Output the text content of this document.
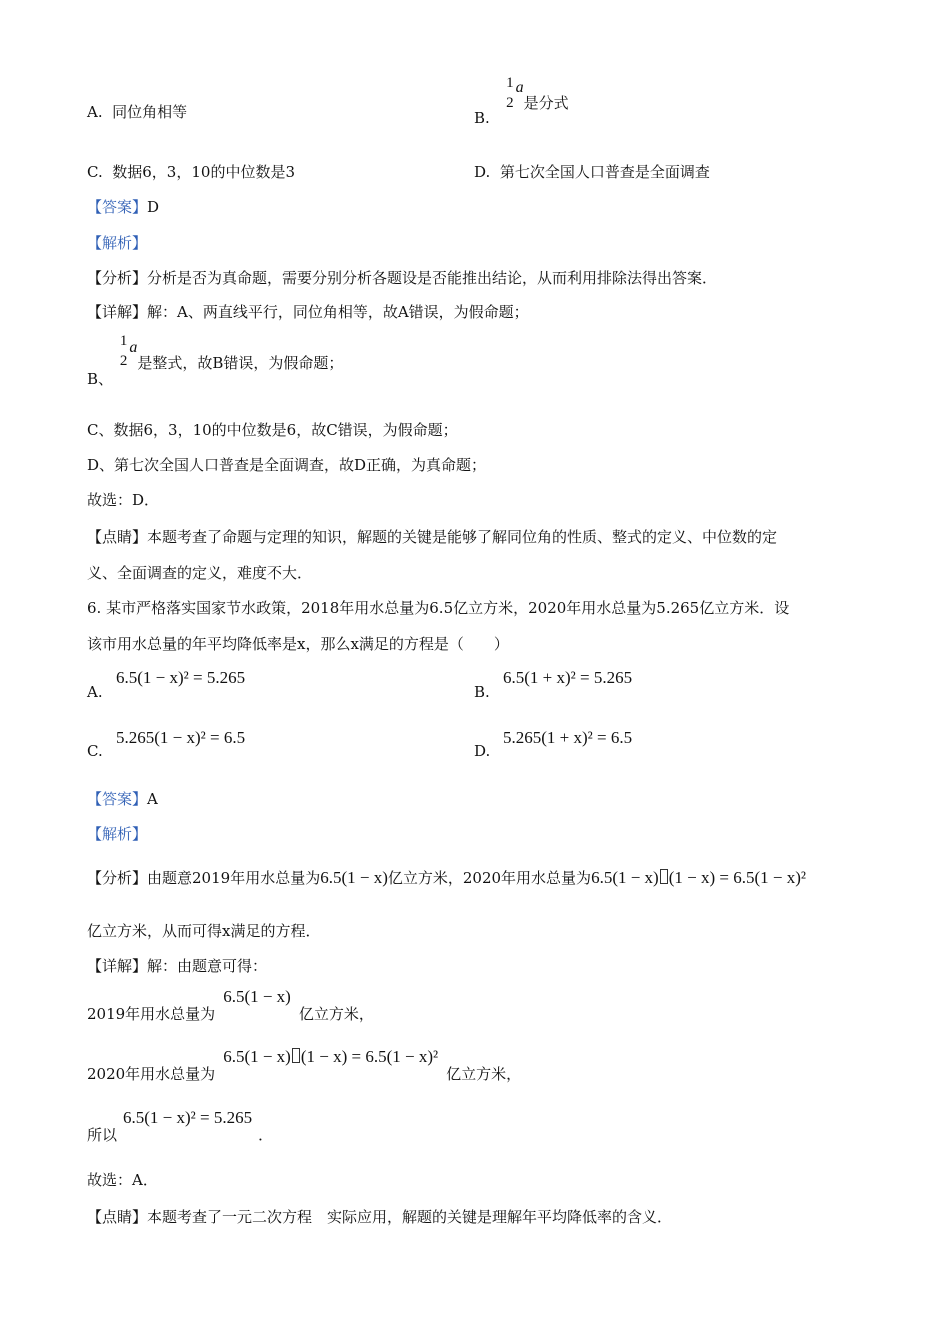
A. 同位角相等	B.
1
2
a是分式
C. 数据6，3，10的中位数是3	D. 第七次全国人口普查是全面调查
【答案】D
【解析】
【分析】分析是否为真命题，需要分别分析各题设是否能推出结论，从而利用排除法得出答案．
【详解】解：A、两直线平行，同位角相等，故A错误，为假命题；
B、
1
2
a是整式，故B错误，为假命题；
C、数据6，3，10的中位数是6，故C错误，为假命题；
D、第七次全国人口普查是全面调查，故D正确，为真命题；
故选：D．
【点睛】本题考查了命题与定理的知识，解题的关键是能够了解同位角的性质、整式的定义、中位数的定
义、全面调查的定义，难度不大．
6. 某市严格落实国家节水政策，2018年用水总量为6.5亿立方米，2020年用水总量为5.265亿立方米．设
该市用水总量的年平均降低率是x，那么x满足的方程是（　　）
A.
6.5(1 − x)² = 5.265
B.
6.5(1 + x)² = 5.265
C.
5.265(1 − x)² = 6.5
D.
5.265(1 + x)² = 6.5
【答案】A
【解析】
【分析】由题意2019年用水总量为6.5(1 − x)亿立方米，2020年用水总量为6.5(1 − x) (1 − x) = 6.5(1 − x)²
亿立方米，从而可得x满足的方程．
【详解】解：由题意可得：
2019年用水总量为6.5(1 − x)亿立方米，
2020年用水总量为6.5(1 − x) (1 − x) = 6.5(1 − x)²亿立方米，
所以6.5(1 − x)² = 5.265．
故选：A．
【点睛】本题考查了一元二次方程　实际应用，解题的关键是理解年平均降低率的含义．
